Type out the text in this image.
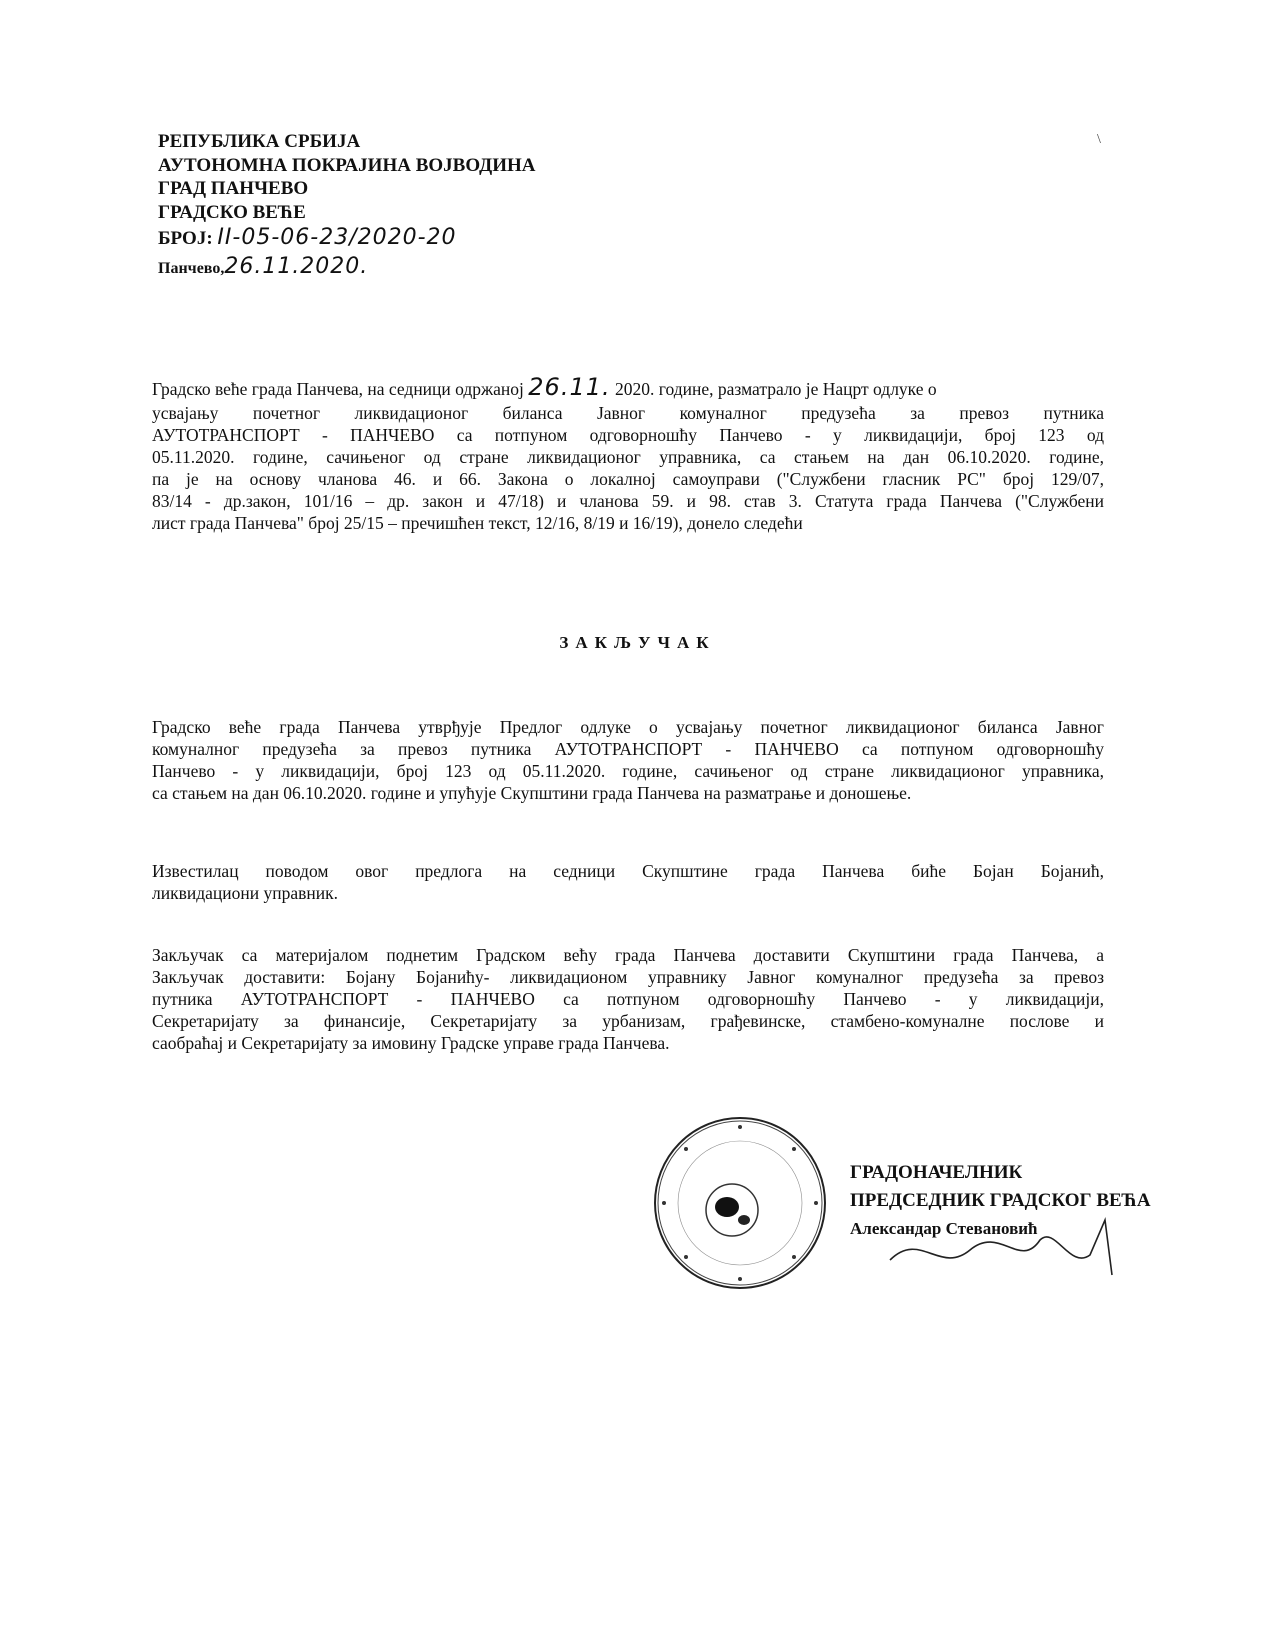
\
РЕПУБЛИКА СРБИЈА
АУТОНОМНА ПОКРАЈИНА ВОЈВОДИНА
ГРАД ПАНЧЕВО
ГРАДСКО ВЕЋЕ
БРОЈ: II-05-06-23/2020-20
Панчево,26.11.2020.
Градско веће града Панчева, на седници одржаној 26.11. 2020. године, разматрало је Нацрт одлуке о
усвајању почетног ликвидационог биланса Јавног комуналног предузећа за превоз путника
АУТОТРАНСПОРТ - ПАНЧЕВО са потпуном одговорношћу Панчево - у ликвидацији, број 123 од
05.11.2020. године, сачињеног од стране ликвидационог управника, са стањем на дан 06.10.2020. године,
па је на основу чланова 46. и 66. Закона о локалној самоуправи ("Службени гласник РС" број 129/07,
83/14 - др.закон, 101/16 – др. закон и 47/18) и чланова 59. и 98. став 3. Статута града Панчева ("Службени
лист града Панчева" број 25/15 – пречишћен текст, 12/16, 8/19 и 16/19), донело следећи
ЗАКЉУЧАК
Градско веће града Панчева утврђује Предлог одлуке о усвајању почетног ликвидационог биланса Јавног
комуналног предузећа за превоз путника АУТОТРАНСПОРТ - ПАНЧЕВО са потпуном одговорношћу
Панчево - у ликвидацији, број 123 од 05.11.2020. године, сачињеног од стране ликвидационог управника,
са стањем на дан 06.10.2020. године и упућује Скупштини града Панчева на разматрање и доношење.
Известилац поводом овог предлога на седници Скупштине града Панчева биће Бојан Бојанић,
ликвидациони управник.
Закључак са материјалом поднетим Градском већу града Панчева доставити Скупштини града Панчева, а
Закључак доставити: Бојану Бојанићу- ликвидационом управнику Јавног комуналног предузећа за превоз
путника АУТОТРАНСПОРТ - ПАНЧЕВО са потпуном одговорношћу Панчево - у ликвидацији,
Секретаријату за финансије, Секретаријату за урбанизам, грађевинске, стамбено-комуналне послове и
саобраћај и Секретаријату за имовину Градске управе града Панчева.
ГРАДОНАЧЕЛНИК
ПРЕДСЕДНИК ГРАДСКОГ ВЕЋА
Александар Стевановић
